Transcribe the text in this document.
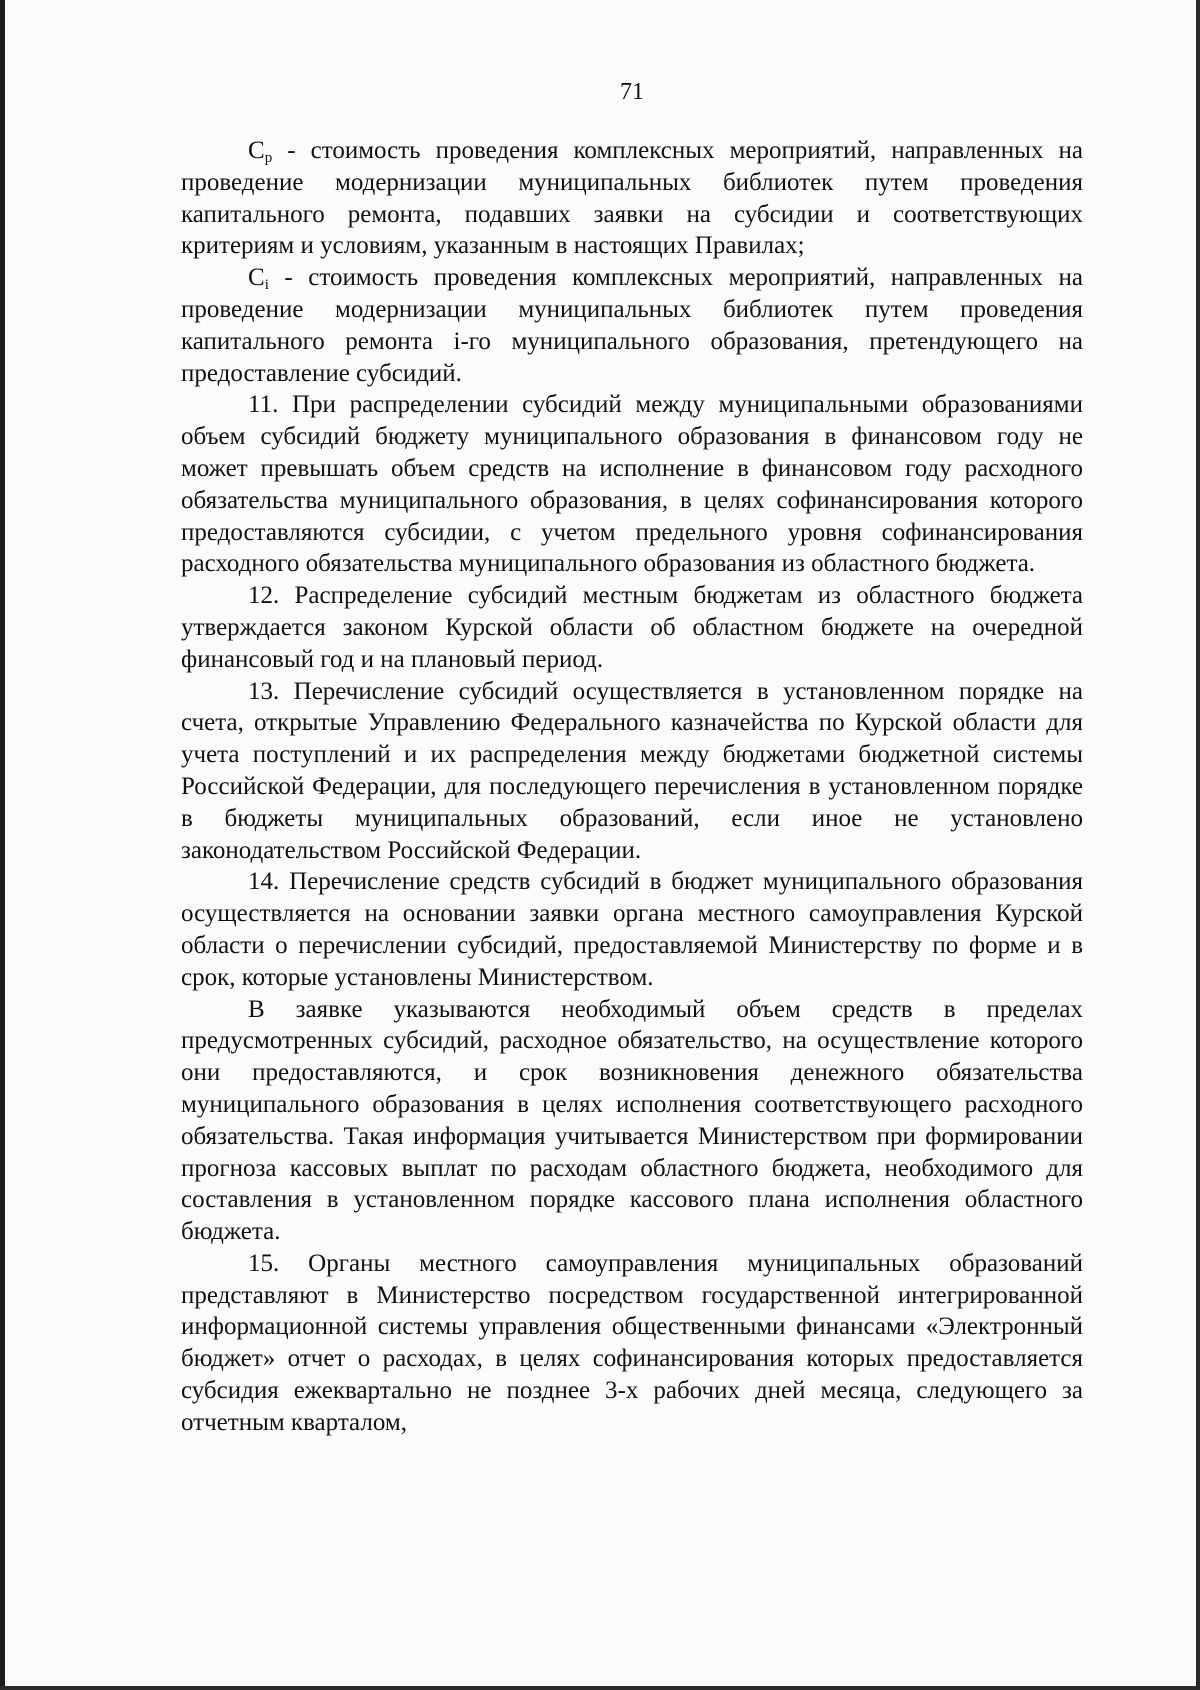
71

$C_p$ - стоимость проведения комплексных мероприятий, направленных на проведение модернизации муниципальных библиотек путем проведения капитального ремонта, подавших заявки на субсидии и соответствующих критериям и условиям, указанным в настоящих Правилах;

$C_i$ - стоимость проведения комплексных мероприятий, направленных на проведение модернизации муниципальных библиотек путем проведения капитального ремонта i-го муниципального образования, претендующего на предоставление субсидий.

11. При распределении субсидий между муниципальными образованиями объем субсидий бюджету муниципального образования в финансовом году не может превышать объем средств на исполнение в финансовом году расходного обязательства муниципального образования, в целях софинансирования которого предоставляются субсидии, с учетом предельного уровня софинансирования расходного обязательства муниципального образования из областного бюджета.

12. Распределение субсидий местным бюджетам из областного бюджета утверждается законом Курской области об областном бюджете на очередной финансовый год и на плановый период.

13. Перечисление субсидий осуществляется в установленном порядке на счета, открытые Управлению Федерального казначейства по Курской области для учета поступлений и их распределения между бюджетами бюджетной системы Российской Федерации, для последующего перечисления в установленном порядке в бюджеты муниципальных образований, если иное не установлено законодательством Российской Федерации.

14. Перечисление средств субсидий в бюджет муниципального образования осуществляется на основании заявки органа местного самоуправления Курской области о перечислении субсидий, предоставляемой Министерству по форме и в срок, которые установлены Министерством.

В заявке указываются необходимый объем средств в пределах предусмотренных субсидий, расходное обязательство, на осуществление которого они предоставляются, и срок возникновения денежного обязательства муниципального образования в целях исполнения соответствующего расходного обязательства. Такая информация учитывается Министерством при формировании прогноза кассовых выплат по расходам областного бюджета, необходимого для составления в установленном порядке кассового плана исполнения областного бюджета.

15. Органы местного самоуправления муниципальных образований представляют в Министерство посредством государственной интегрированной информационной системы управления общественными финансами «Электронный бюджет» отчет о расходах, в целях софинансирования которых предоставляется субсидия ежеквартально не позднее 3-х рабочих дней месяца, следующего за отчетным кварталом,
